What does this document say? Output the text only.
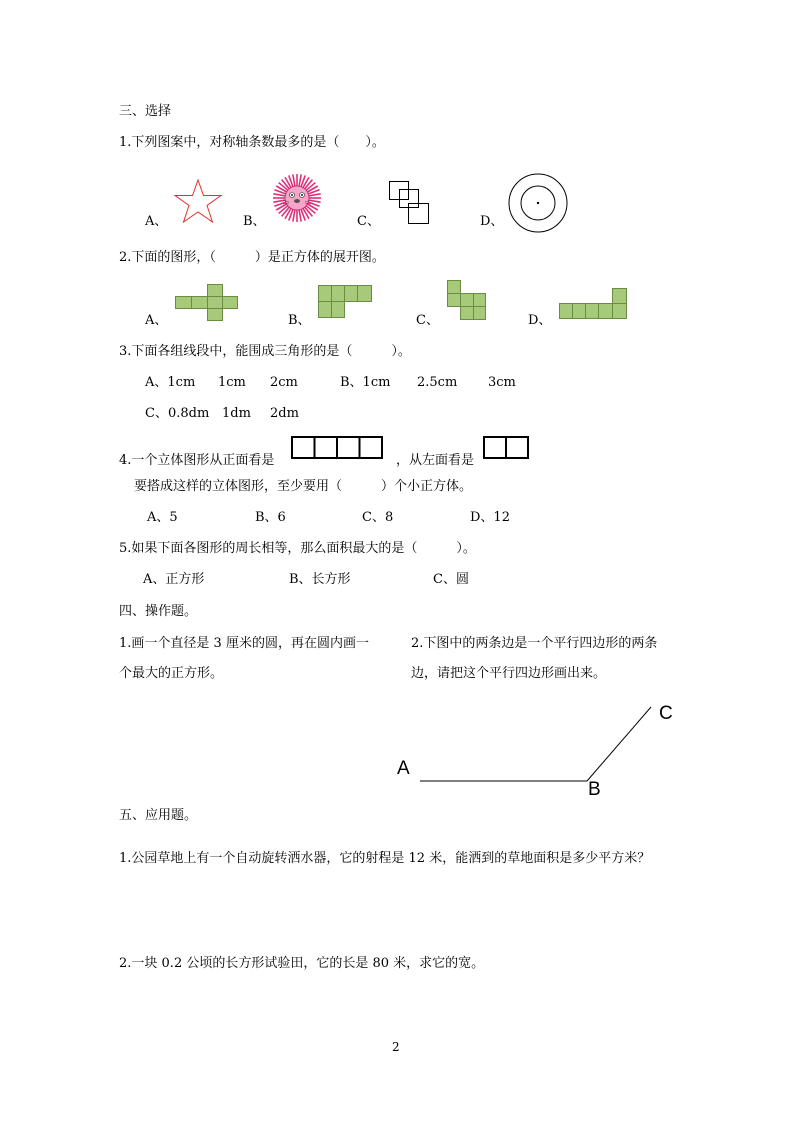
三、选择
1.下列图案中，对称轴条数最多的是（　　）。
A、	B、	C、	D、
2.下面的图形，（　　　）是正方体的展开图。
A、	B、	C、	D、
3.下面各组线段中，能围成三角形的是（　　　）。
A、1cm 1cm 2cm	B、1cm 2.5cm 3cm
C、0.8dm 1dm 2dm
4.一个立体图形从正面看是	，从左面看是
要搭成这样的立体图形，至少要用（　　　）个小正方体。
A、5	B、6	C、8	D、12
5.如果下面各图形的周长相等，那么面积最大的是（　　　）。
A、正方形	B、长方形	C、圆
四、操作题。
1.画一个直径是 3 厘米的圆，再在圆内画一
个最大的正方形。
2.下图中的两条边是一个平行四边形的两条
边，请把这个平行四边形画出来。
A
B
C
五、应用题。
1.公园草地上有一个自动旋转洒水器，它的射程是 12 米，能洒到的草地面积是多少平方米？
2.一块 0.2 公顷的长方形试验田，它的长是 80 米，求它的宽。
2
